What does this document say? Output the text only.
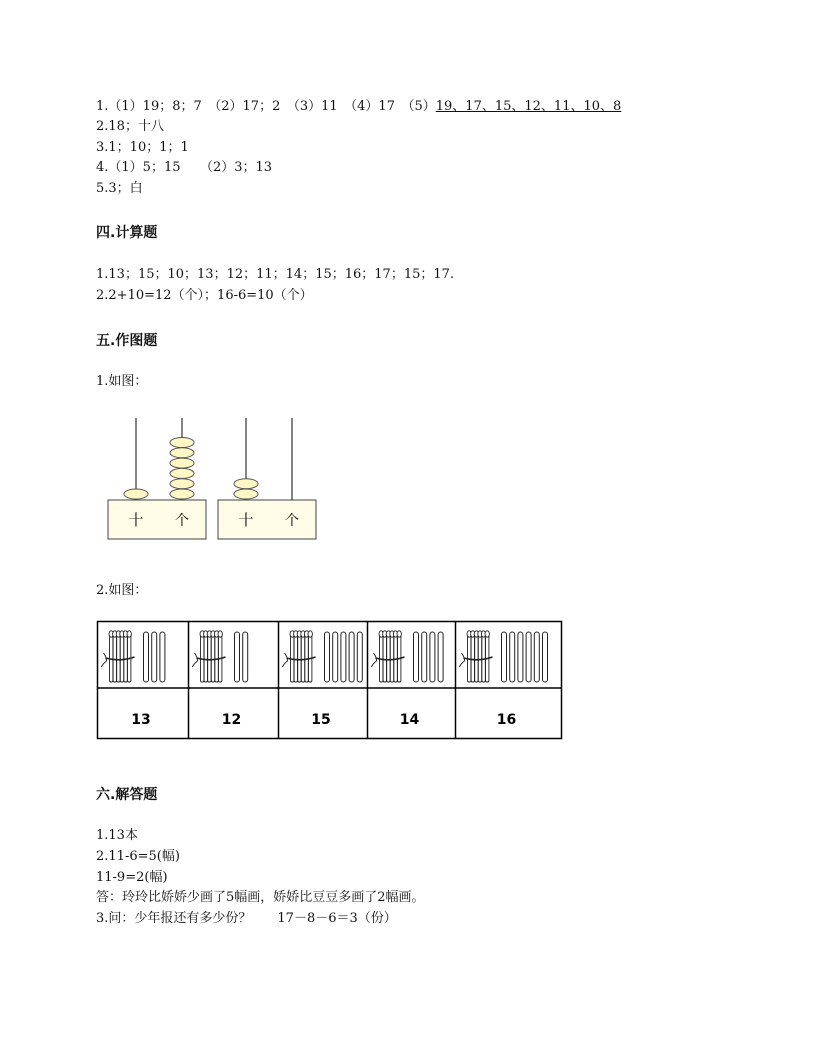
1.（1）19；8；7　（2）17；2　（3）11　（4）17　（5）19、17、15、12、11、10、8
2.18；十八
3.1；10；1；1
4.（1）5；15　　（2）3；13
5.3；白
四.计算题
1.13；15；10；13；12；11；14；15；16；17；15；17.
2.2+10=12（个）；16-6=10（个）
五.作图题
1.如图：
十 个	十 个
2.如图：
13	12	15	14	16
六.解答题
1.13本
2.11-6=5(幅)
11-9=2(幅)
答：玲玲比娇娇少画了5幅画，娇娇比豆豆多画了2幅画。
3.问：少年报还有多少份？　　17－8－6＝3（份）
